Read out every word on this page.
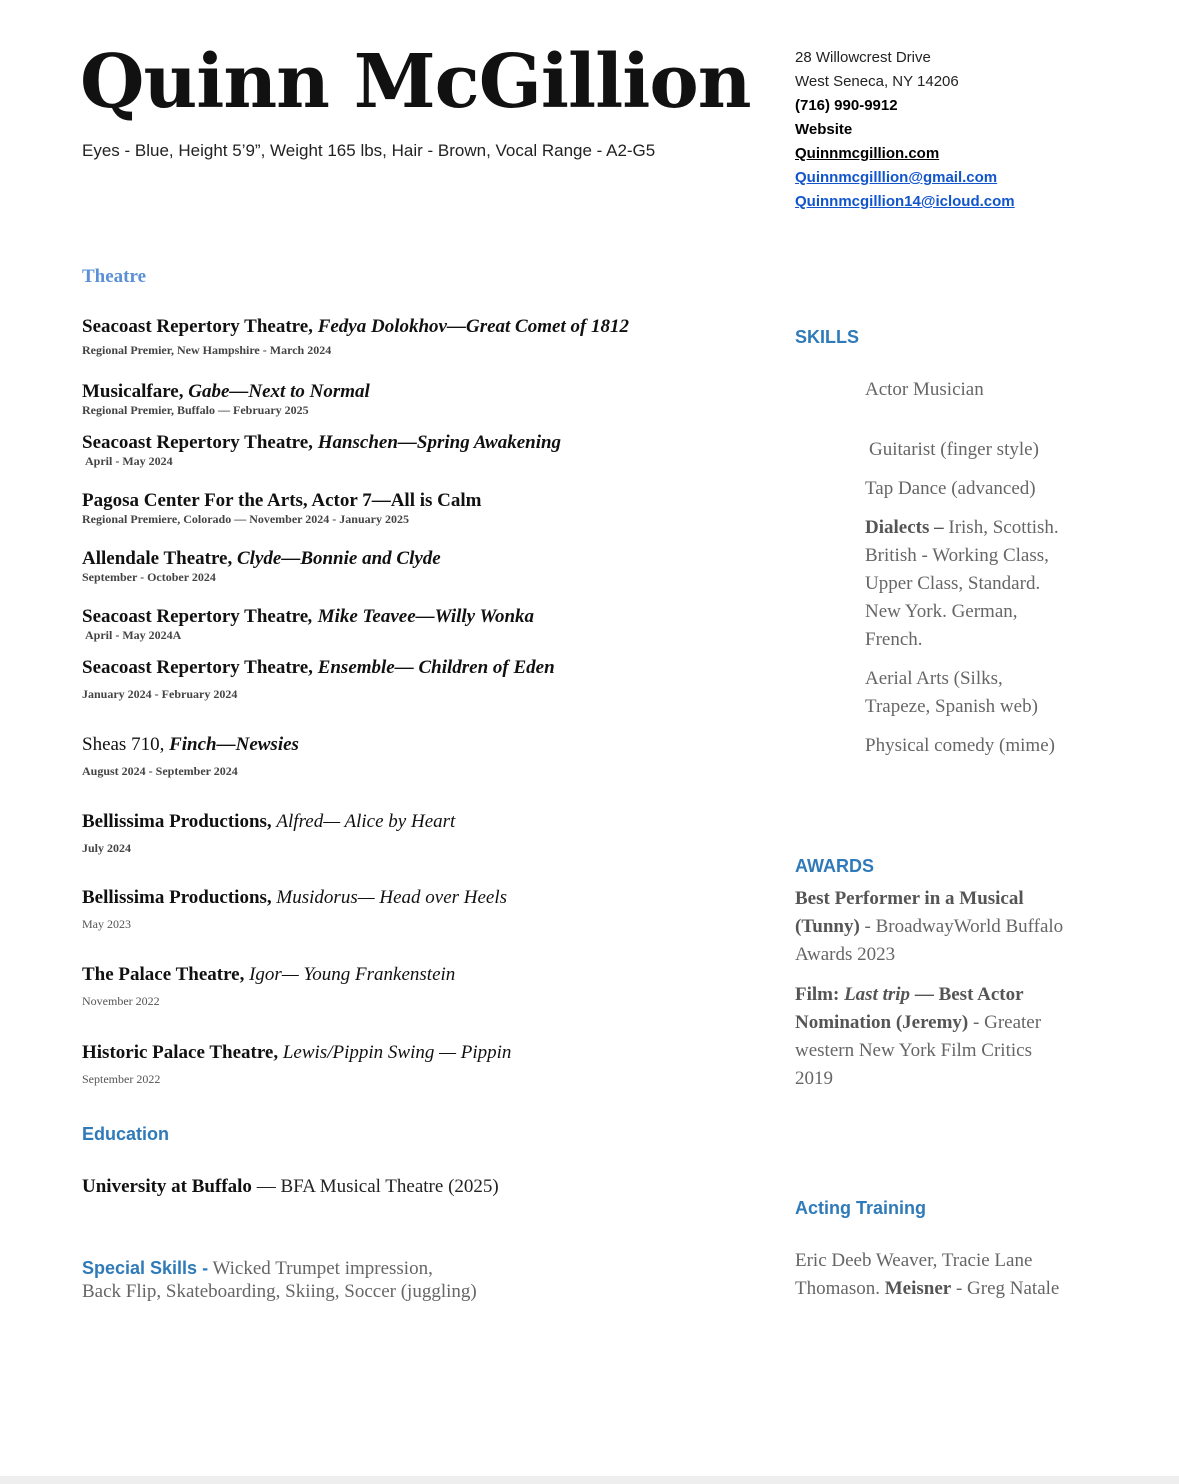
Quinn McGillion
Eyes - Blue, Height 5’9”, Weight 165 lbs, Hair - Brown, Vocal Range - A2-G5
28 Willowcrest Drive
West Seneca, NY 14206
(716) 990-9912
Website
Quinnmcgillion.com
Quinnmcgilllion@gmail.com
Quinnmcgillion14@icloud.com
Theatre
Seacoast Repertory Theatre, Fedya Dolokhov—Great Comet of 1812
Regional Premier, New Hampshire - March 2024
Musicalfare, Gabe—Next to Normal
Regional Premier, Buffalo — February 2025
Seacoast Repertory Theatre, Hanschen—Spring Awakening
April - May 2024
Pagosa Center For the Arts, Actor 7—All is Calm
Regional Premiere, Colorado — November 2024 - January 2025
Allendale Theatre, Clyde—Bonnie and Clyde
September - October 2024
Seacoast Repertory Theatre, Mike Teavee—Willy Wonka
April - May 2024A
Seacoast Repertory Theatre, Ensemble— Children of Eden
January 2024 - February 2024
Sheas 710, Finch—Newsies
August 2024 - September 2024
Bellissima Productions, Alfred— Alice by Heart
July 2024
Bellissima Productions, Musidorus— Head over Heels
May 2023
The Palace Theatre, Igor— Young Frankenstein
November 2022
Historic Palace Theatre, Lewis/Pippin Swing — Pippin
September 2022
Education
University at Buffalo — BFA Musical Theatre (2025)
Special Skills - Wicked Trumpet impression,
Back Flip, Skateboarding, Skiing, Soccer (juggling)
SKILLS
Actor Musician
Guitarist (finger style)
Tap Dance (advanced)
Dialects – Irish, Scottish. British - Working Class, Upper Class, Standard. New York. German, French.
Aerial Arts (Silks, Trapeze, Spanish web)
Physical comedy (mime)
AWARDS

Best Performer in a Musical (Tunny) - BroadwayWorld Buffalo Awards 2023

Film: Last trip — Best Actor Nomination (Jeremy) - Greater western New York Film Critics 2019

Acting Training
Eric Deeb Weaver, Tracie Lane Thomason. Meisner - Greg Natale
